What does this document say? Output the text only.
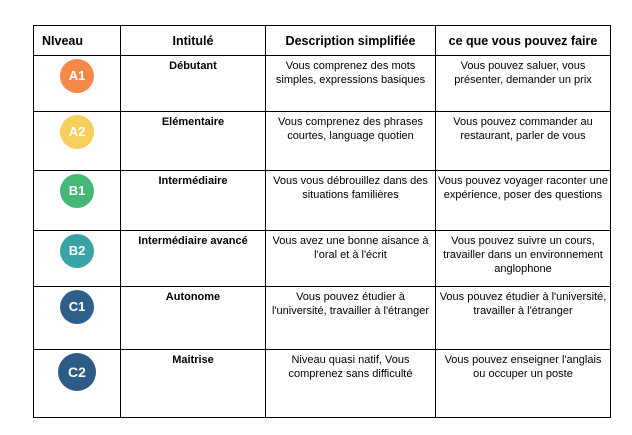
NIveau	Intitulé	Description simplifiée	ce que vous pouvez faire

A1	Débutant	Vous comprenez des mots simples, expressions basiques	Vous pouvez saluer, vous présenter, demander un prix

A2	Elémentaire	Vous comprenez des phrases courtes, language quotien	Vous pouvez commander au restaurant, parler de vous

B1	Intermédiaire	Vous vous débrouillez dans des situations familières	Vous pouvez voyager raconter une expérience, poser des questions

B2	Intermédiaire avancé	Vous avez une bonne aisance à l'oral et à l'écrit	Vous pouvez suivre un cours, travailler dans un environnement anglophone

C1	Autonome	Vous pouvez étudier à l'université, travailler à l'étranger	Vous pouvez étudier à l'université, travailler à l'étranger

C2	Maitrise	Niveau quasi natif, Vous comprenez sans difficulté	Vous pouvez enseigner l'anglais ou occuper un poste
